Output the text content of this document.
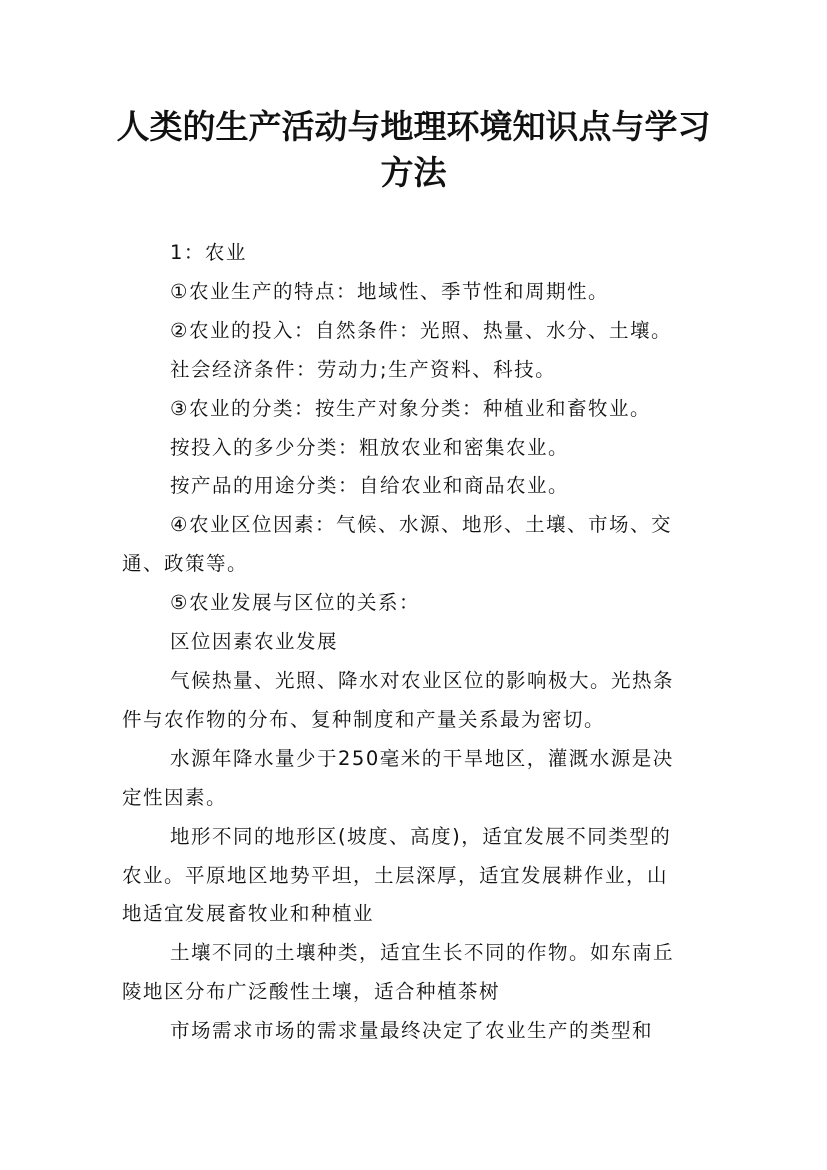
人类的生产活动与地理环境知识点与学习
方法

1：农业

①农业生产的特点：地域性、季节性和周期性。

②农业的投入：自然条件：光照、热量、水分、土壤。

社会经济条件：劳动力;生产资料、科技。

③农业的分类：按生产对象分类：种植业和畜牧业。

按投入的多少分类：粗放农业和密集农业。

按产品的用途分类：自给农业和商品农业。

④农业区位因素：气候、水源、地形、土壤、市场、交

通、政策等。

⑤农业发展与区位的关系：

区位因素农业发展

气候热量、光照、降水对农业区位的影响极大。光热条

件与农作物的分布、复种制度和产量关系最为密切。

水源年降水量少于250毫米的干旱地区，灌溉水源是决

定性因素。

地形不同的地形区(坡度、高度)，适宜发展不同类型的

农业。平原地区地势平坦，土层深厚，适宜发展耕作业，山

地适宜发展畜牧业和种植业

土壤不同的土壤种类，适宜生长不同的作物。如东南丘

陵地区分布广泛酸性土壤，适合种植茶树

市场需求市场的需求量最终决定了农业生产的类型和
